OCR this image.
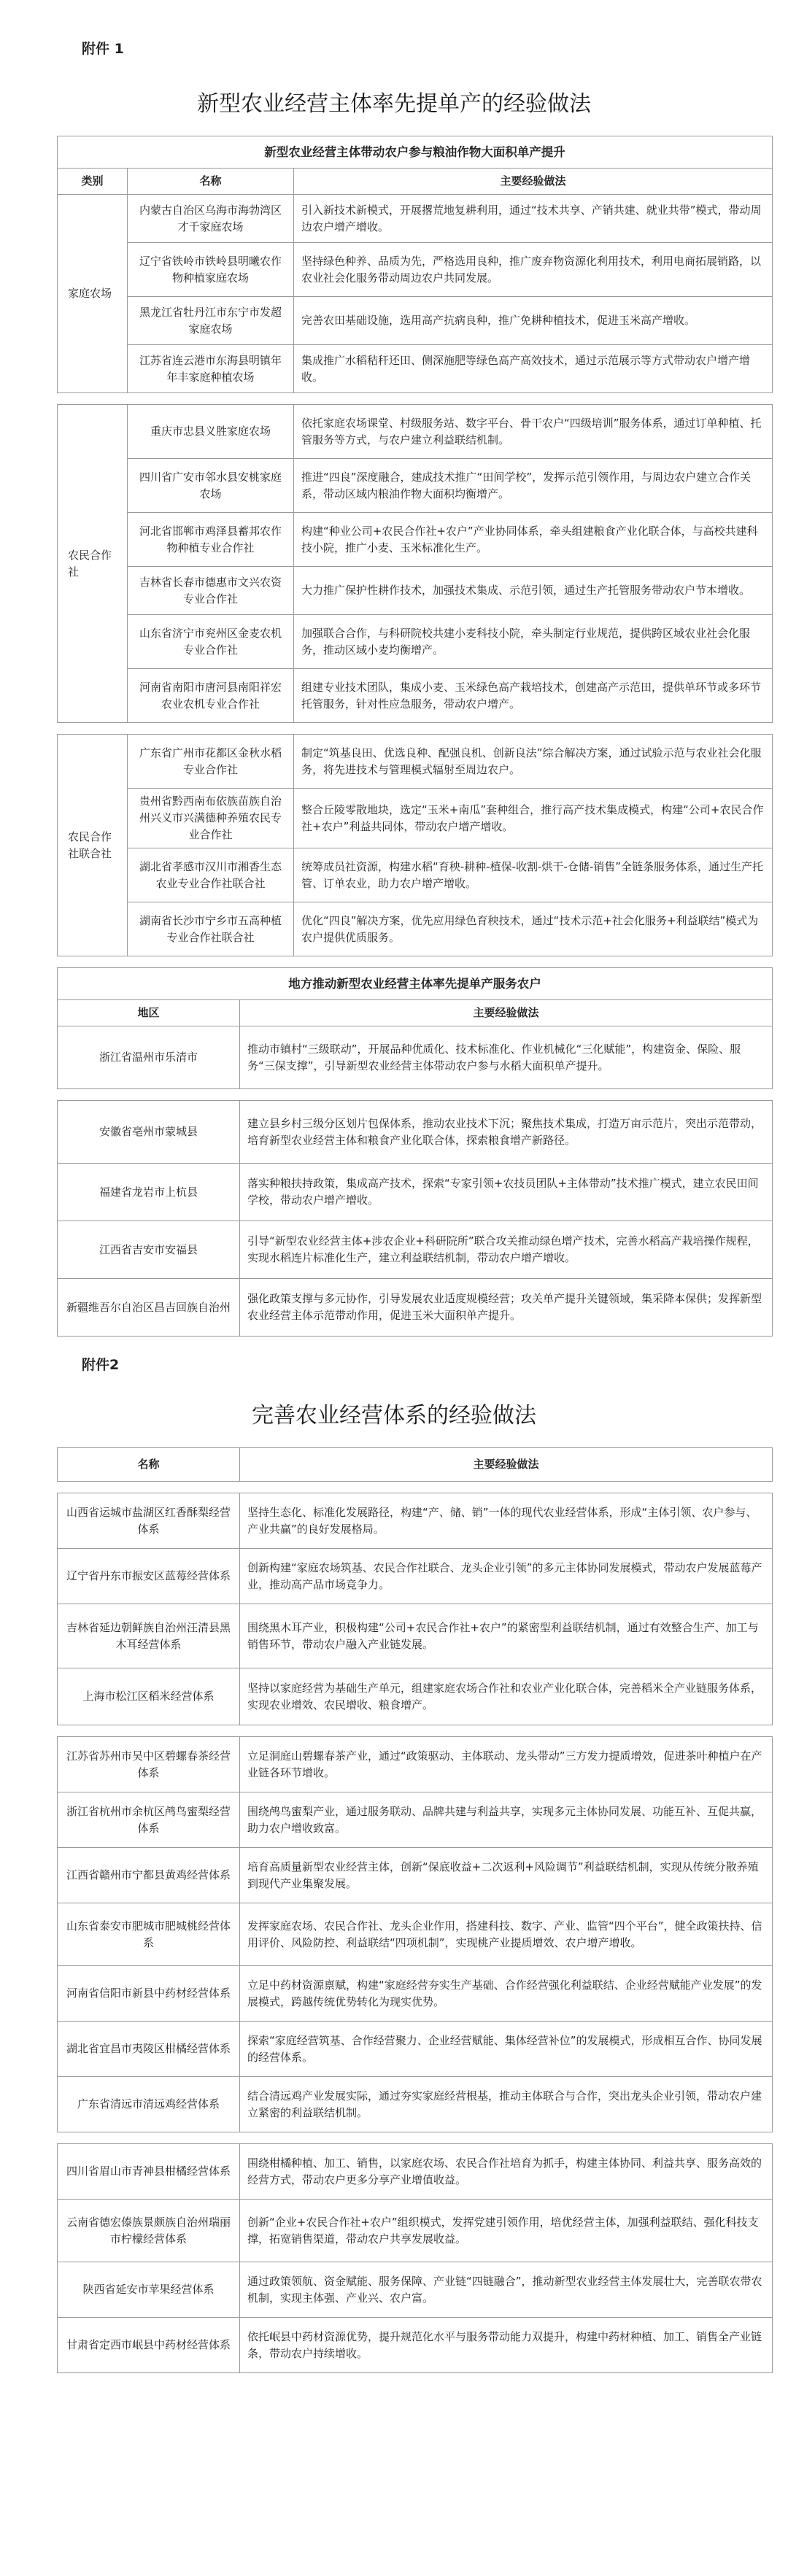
附件 1
新型农业经营主体率先提单产的经验做法
新型农业经营主体带动农户参与粮油作物大面积单产提升		
类别	名称	主要经验做法
家庭农场	内蒙古自治区乌海市海勃湾区才千家庭农场	引入新技术新模式，开展撂荒地复耕利用，通过“技术共享、产销共建、就业共带”模式，带动周边农户增产增收。
	辽宁省铁岭市铁岭县明曦农作物种植家庭农场	坚持绿色种养、品质为先，严格选用良种，推广废弃物资源化利用技术，利用电商拓展销路，以农业社会化服务带动周边农户共同发展。
	黑龙江省牡丹江市东宁市发超家庭农场	完善农田基础设施，选用高产抗病良种，推广免耕种植技术，促进玉米高产增收。
	江苏省连云港市东海县明镇年年丰家庭种植农场	集成推广水稻秸秆还田、侧深施肥等绿色高产高效技术，通过示范展示等方式带动农户增产增收。

农民合作社	重庆市忠县义胜家庭农场	依托家庭农场课堂、村级服务站、数字平台、骨干农户“四级培训”服务体系，通过订单种植、托管服务等方式，与农户建立利益联结机制。
	四川省广安市邻水县安桃家庭农场	推进“四良”深度融合，建成技术推广“田间学校”，发挥示范引领作用，与周边农户建立合作关系，带动区域内粮油作物大面积均衡增产。
	河北省邯郸市鸡泽县蓄邦农作物种植专业合作社	构建“种业公司+农民合作社+农户”产业协同体系，牵头组建粮食产业化联合体，与高校共建科技小院，推广小麦、玉米标准化生产。
	吉林省长春市德惠市文兴农资专业合作社	大力推广保护性耕作技术，加强技术集成、示范引领，通过生产托管服务带动农户节本增收。
	山东省济宁市兖州区金麦农机专业合作社	加强联合合作，与科研院校共建小麦科技小院，牵头制定行业规范，提供跨区域农业社会化服务，推动区域小麦均衡增产。
	河南省南阳市唐河县南阳祥宏农业农机专业合作社	组建专业技术团队，集成小麦、玉米绿色高产栽培技术，创建高产示范田，提供单环节或多环节托管服务，针对性应急服务，带动农户增产。

农民合作社联合社	广东省广州市花都区金秋水稻专业合作社	制定“筑基良田、优选良种、配强良机、创新良法”综合解决方案，通过试验示范与农业社会化服务，将先进技术与管理模式辐射至周边农户。
	贵州省黔西南布依族苗族自治州兴义市兴满德种养殖农民专业合作社	整合丘陵零散地块，选定“玉米+南瓜”套种组合，推行高产技术集成模式，构建“公司+农民合作社+农户”利益共同体，带动农户增产增收。
	湖北省孝感市汉川市湘香生态农业专业合作社联合社	统筹成员社资源，构建水稻“育秧-耕种-植保-收割-烘干-仓储-销售”全链条服务体系，通过生产托管、订单农业，助力农户增产增收。
	湖南省长沙市宁乡市五高种植专业合作社联合社	优化“四良”解决方案，优先应用绿色育秧技术，通过“技术示范+社会化服务+利益联结”模式为农户提供优质服务。

地方推动新型农业经营主体率先提单产服务农户	
地区	主要经验做法
浙江省温州市乐清市	推动市镇村“三级联动”，开展品种优质化、技术标准化、作业机械化“三化赋能”，构建资金、保险、服务“三保支撑”，引导新型农业经营主体带动农户参与水稻大面积单产提升。

安徽省亳州市蒙城县	建立县乡村三级分区划片包保体系，推动农业技术下沉；聚焦技术集成，打造万亩示范片，突出示范带动，培育新型农业经营主体和粮食产业化联合体，探索粮食增产新路径。
福建省龙岩市上杭县	落实种粮扶持政策，集成高产技术，探索“专家引领+农技员团队+主体带动”技术推广模式，建立农民田间学校，带动农户增产增收。
江西省吉安市安福县	引导“新型农业经营主体+涉农企业+科研院所”联合攻关推动绿色增产技术，完善水稻高产栽培操作规程，实现水稻连片标准化生产，建立利益联结机制，带动农户增产增收。
新疆维吾尔自治区昌吉回族自治州	强化政策支撑与多元协作，引导发展农业适度规模经营；攻关单产提升关键领域，集采降本保供；发挥新型农业经营主体示范带动作用，促进玉米大面积单产提升。
附件2
完善农业经营体系的经验做法
名称	主要经验做法

山西省运城市盐湖区红香酥梨经营体系	坚持生态化、标准化发展路径，构建“产、储、销”一体的现代农业经营体系，形成“主体引领、农户参与、产业共赢”的良好发展格局。
辽宁省丹东市振安区蓝莓经营体系	创新构建“家庭农场筑基、农民合作社联合、龙头企业引领”的多元主体协同发展模式，带动农户发展蓝莓产业，推动高产品市场竞争力。
吉林省延边朝鲜族自治州汪清县黑木耳经营体系	围绕黑木耳产业，积极构建“公司+农民合作社+农户”的紧密型利益联结机制，通过有效整合生产、加工与销售环节，带动农户融入产业链发展。
上海市松江区稻米经营体系	坚持以家庭经营为基础生产单元，组建家庭农场合作社和农业产业化联合体，完善稻米全产业链服务体系，实现农业增效、农民增收、粮食增产。

江苏省苏州市吴中区碧螺春茶经营体系	立足洞庭山碧螺春茶产业，通过“政策驱动、主体联动、龙头带动”三方发力提质增效，促进茶叶种植户在产业链各环节增收。
浙江省杭州市余杭区鸬鸟蜜梨经营体系	围绕鸬鸟蜜梨产业，通过服务联动、品牌共建与利益共享，实现多元主体协同发展、功能互补、互促共赢，助力农户增收致富。
江西省赣州市宁都县黄鸡经营体系	培育高质量新型农业经营主体，创新“保底收益+二次返利+风险调节”利益联结机制，实现从传统分散养殖到现代产业集聚发展。
山东省泰安市肥城市肥城桃经营体系	发挥家庭农场、农民合作社、龙头企业作用，搭建科技、数字、产业、监管“四个平台”，健全政策扶持、信用评价、风险防控、利益联结“四项机制”，实现桃产业提质增效、农户增产增收。
河南省信阳市新县中药材经营体系	立足中药材资源禀赋，构建“家庭经营夯实生产基础、合作经营强化利益联结、企业经营赋能产业发展”的发展模式，跨越传统优势转化为现实优势。
湖北省宜昌市夷陵区柑橘经营体系	探索“家庭经营筑基、合作经营聚力、企业经营赋能、集体经营补位”的发展模式，形成相互合作、协同发展的经营体系。
广东省清远市清远鸡经营体系	结合清远鸡产业发展实际，通过夯实家庭经营根基，推动主体联合与合作，突出龙头企业引领，带动农户建立紧密的利益联结机制。

四川省眉山市青神县柑橘经营体系	围绕柑橘种植、加工、销售，以家庭农场、农民合作社培育为抓手，构建主体协同、利益共享、服务高效的经营方式，带动农户更多分享产业增值收益。
云南省德宏傣族景颇族自治州瑞丽市柠檬经营体系	创新“企业+农民合作社+农户”组织模式，发挥党建引领作用，培优经营主体，加强利益联结、强化科技支撑，拓宽销售渠道，带动农户共享发展收益。
陕西省延安市苹果经营体系	通过政策领航、资金赋能、服务保障、产业链“四链融合”，推动新型农业经营主体发展壮大，完善联农带农机制，实现主体强、产业兴、农户富。
甘肃省定西市岷县中药材经营体系	依托岷县中药材资源优势，提升规范化水平与服务带动能力双提升，构建中药材种植、加工、销售全产业链条，带动农户持续增收。
